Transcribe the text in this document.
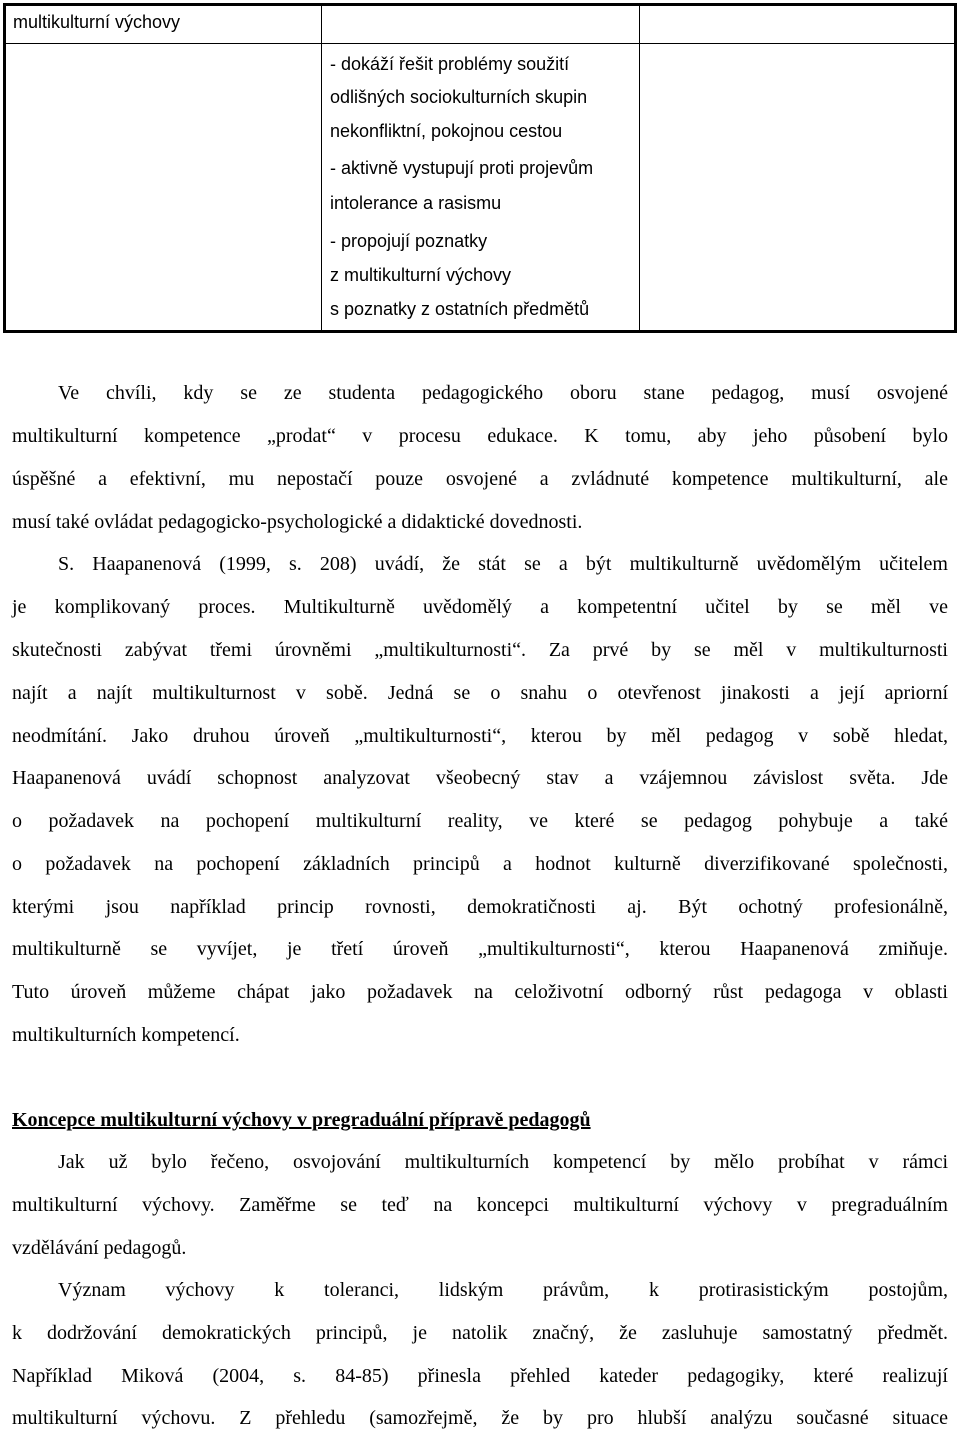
multikulturní výchovy
- dokáží řešit problémy soužití
odlišných sociokulturních skupin
nekonfliktní, pokojnou cestou
- aktivně vystupují proti projevům
intolerance a rasismu
- propojují poznatky
z multikulturní výchovy
s poznatky z ostatních předmětů
Ve chvíli, kdy se ze studenta pedagogického oboru stane pedagog, musí osvojené
multikulturní kompetence „prodat“ v procesu edukace. K tomu, aby jeho působení bylo
úspěšné a efektivní, mu nepostačí pouze osvojené a zvládnuté kompetence multikulturní, ale
musí také ovládat pedagogicko-psychologické a didaktické dovednosti.
S. Haapanenová (1999, s. 208) uvádí, že stát se a být multikulturně uvědomělým učitelem
je komplikovaný proces. Multikulturně uvědomělý a kompetentní učitel by se měl ve
skutečnosti zabývat třemi úrovněmi „multikulturnosti“. Za prvé by se měl v multikulturnosti
najít a najít multikulturnost v sobě. Jedná se o snahu o otevřenost jinakosti a její apriorní
neodmítání. Jako druhou úroveň „multikulturnosti“, kterou by měl pedagog v sobě hledat,
Haapanenová uvádí schopnost analyzovat všeobecný stav a vzájemnou závislost světa. Jde
o požadavek na pochopení multikulturní reality, ve které se pedagog pohybuje a také
o požadavek na pochopení základních principů a hodnot kulturně diverzifikované společnosti,
kterými jsou například princip rovnosti, demokratičnosti aj. Být ochotný profesionálně,
multikulturně se vyvíjet, je třetí úroveň „multikulturnosti“, kterou Haapanenová zmiňuje.
Tuto úroveň můžeme chápat jako požadavek na celoživotní odborný růst pedagoga v oblasti
multikulturních kompetencí.
Koncepce multikulturní výchovy v pregraduální přípravě pedagogů
Jak už bylo řečeno, osvojování multikulturních kompetencí by mělo probíhat v rámci
multikulturní výchovy. Zaměřme se teď na koncepci multikulturní výchovy v pregraduálním
vzdělávání pedagogů.
Význam výchovy k toleranci, lidským právům, k protirasistickým postojům,
k dodržování demokratických principů, je natolik značný, že zasluhuje samostatný předmět.
Například Miková (2004, s. 84-85) přinesla přehled kateder pedagogiky, které realizují
multikulturní výchovu. Z přehledu (samozřejmě, že by pro hlubší analýzu současné situace
